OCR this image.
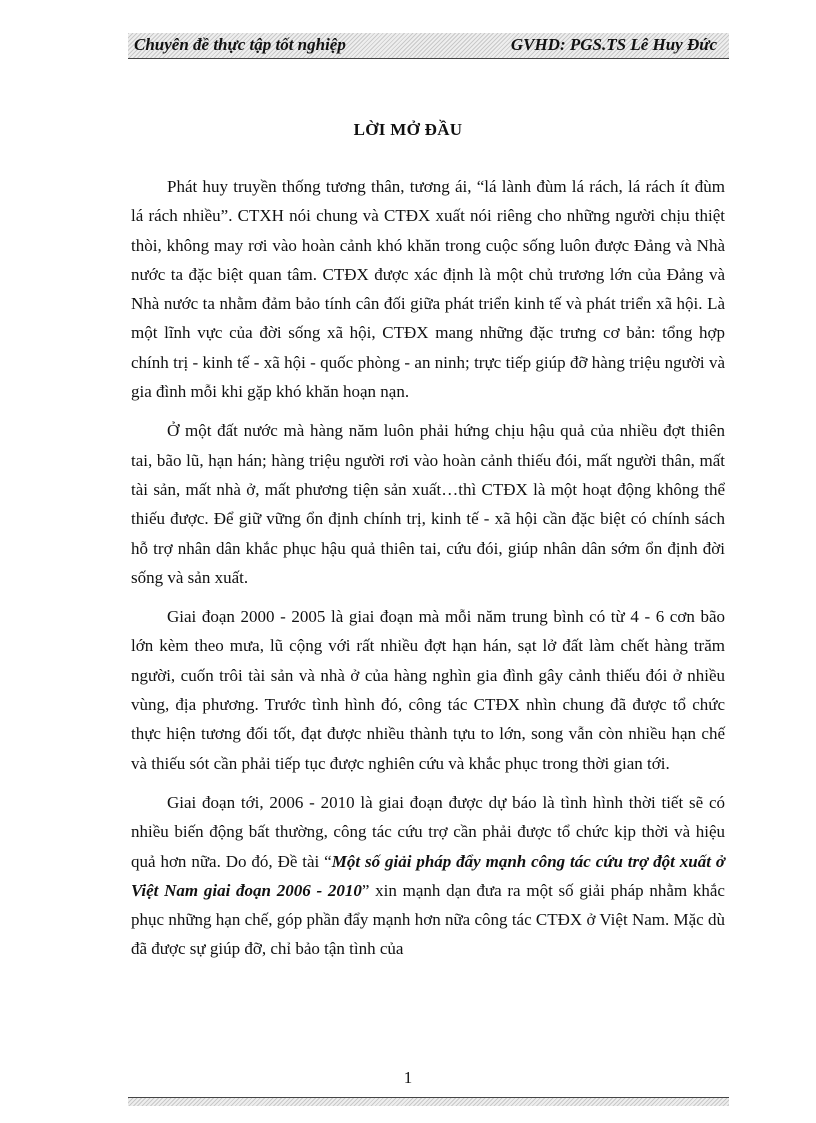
Chuyên đề thực tập tốt nghiệp	GVHD: PGS.TS Lê Huy Đức
LỜI MỞ ĐẦU

Phát huy truyền thống tương thân, tương ái, “lá lành đùm lá rách, lá rách ít đùm lá rách nhiều”. CTXH nói chung và CTĐX xuất nói riêng cho những người chịu thiệt thòi, không may rơi vào hoàn cảnh khó khăn trong cuộc sống luôn được Đảng và Nhà nước ta đặc biệt quan tâm. CTĐX được xác định là một chủ trương lớn của Đảng và Nhà nước ta nhằm đảm bảo tính cân đối giữa phát triển kinh tế và phát triển xã hội. Là một lĩnh vực của đời sống xã hội, CTĐX mang những đặc trưng cơ bản: tổng hợp chính trị - kinh tế - xã hội - quốc phòng - an ninh; trực tiếp giúp đỡ hàng triệu người và gia đình mỗi khi gặp khó khăn hoạn nạn.

Ở một đất nước mà hàng năm luôn phải hứng chịu hậu quả của nhiều đợt thiên tai, bão lũ, hạn hán; hàng triệu người rơi vào hoàn cảnh thiếu đói, mất người thân, mất tài sản, mất nhà ở, mất phương tiện sản xuất…thì CTĐX là một hoạt động không thể thiếu được. Để giữ vững ổn định chính trị, kinh tế - xã hội cần đặc biệt có chính sách hỗ trợ nhân dân khắc phục hậu quả thiên tai, cứu đói, giúp nhân dân sớm ổn định đời sống và sản xuất.

Giai đoạn 2000 - 2005 là giai đoạn mà mỗi năm trung bình có từ 4 - 6 cơn bão lớn kèm theo mưa, lũ cộng với rất nhiều đợt hạn hán, sạt lở đất làm chết hàng trăm người, cuốn trôi tài sản và nhà ở của hàng nghìn gia đình gây cảnh thiếu đói ở nhiều vùng, địa phương. Trước tình hình đó, công tác CTĐX nhìn chung đã được tổ chức thực hiện tương đối tốt, đạt được nhiều thành tựu to lớn, song vẫn còn nhiều hạn chế và thiếu sót cần phải tiếp tục được nghiên cứu và khắc phục trong thời gian tới.

Giai đoạn tới, 2006 - 2010 là giai đoạn được dự báo là tình hình thời tiết sẽ có nhiều biến động bất thường, công tác cứu trợ cần phải được tổ chức kịp thời và hiệu quả hơn nữa. Do đó, Đề tài “Một số giải pháp đẩy mạnh công tác cứu trợ đột xuất ở Việt Nam giai đoạn 2006 - 2010” xin mạnh dạn đưa ra một số giải pháp nhằm khắc phục những hạn chế, góp phần đẩy mạnh hơn nữa công tác CTĐX ở Việt Nam. Mặc dù đã được sự giúp đỡ, chỉ bảo tận tình của

1
